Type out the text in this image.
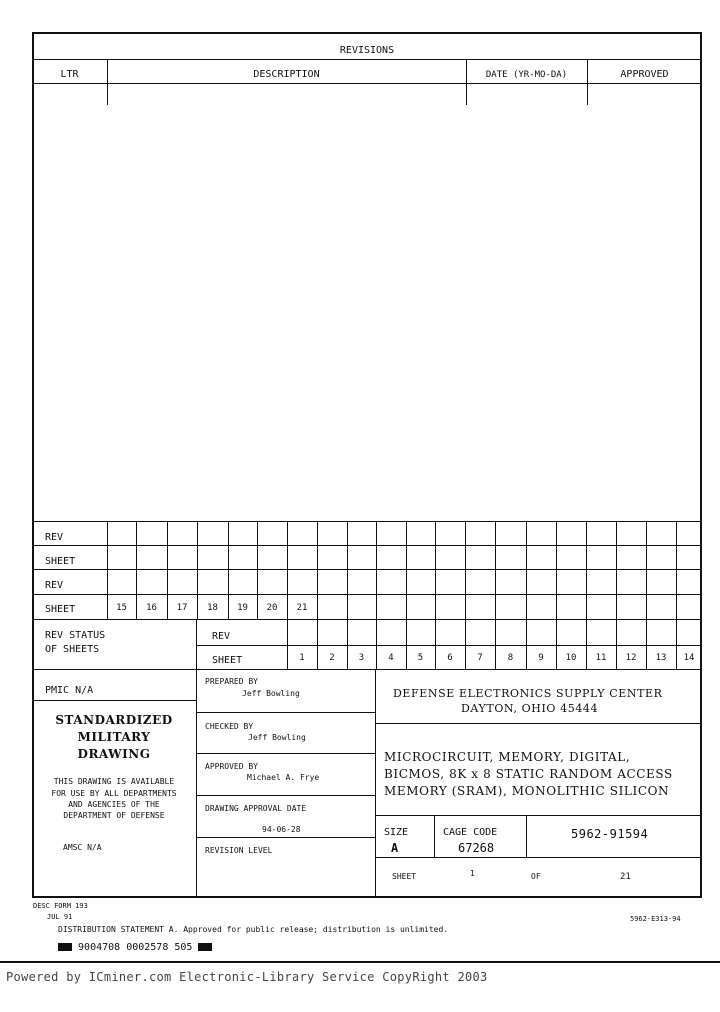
REVISIONS
LTR	DESCRIPTION	DATE (YR-MO-DA)	APPROVED
REV
SHEET
REV
SHEET	15	16	17	18	19	20	21
REV STATUS
OF SHEETS
REV
SHEET	1	2	3	4	5	6	7	8	9	10	11	12	13	14
PMIC N/A
STANDARDIZED
MILITARY
DRAWING
THIS DRAWING IS AVAILABLE
FOR USE BY ALL DEPARTMENTS
AND AGENCIES OF THE
DEPARTMENT OF DEFENSE
AMSC N/A
PREPARED BY
Jeff Bowling
CHECKED BY
Jeff Bowling
APPROVED BY
Michael A. Frye
DRAWING APPROVAL DATE
94-06-28
REVISION LEVEL
DEFENSE ELECTRONICS SUPPLY CENTER
DAYTON, OHIO 45444
MICROCIRCUIT, MEMORY, DIGITAL,
BICMOS, 8K x 8 STATIC RANDOM ACCESS
MEMORY (SRAM), MONOLITHIC SILICON
SIZE
A
CAGE CODE
67268
5962-91594
SHEET	1	OF	21
DESC FORM 193
JUL 91
DISTRIBUTION STATEMENT A. Approved for public release; distribution is unlimited.
5962-E313-94
9004708 0002578 505
Powered by ICminer.com Electronic-Library Service CopyRight 2003
